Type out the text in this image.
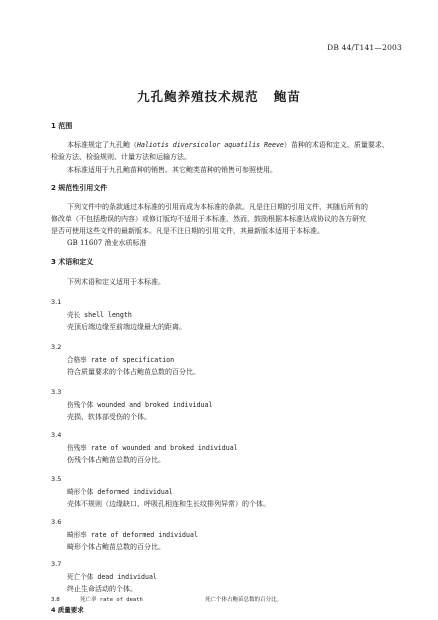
DB 44/T141—2003
九孔鲍养殖技术规范 鲍苗
1 范围
本标准规定了九孔鲍（Haliotis diversicolor aquatilis Reeve）苗种的术语和定义、质量要求、
检验方法、检验规则、计量方法和运输方法。
本标准适用于九孔鲍苗种的销售。其它鲍类苗种的销售可参照使用。
2 规范性引用文件
下列文件中的条款通过本标准的引用而成为本标准的条款。凡是注日期的引用文件，其随后所有的
修改单（不包括勘误的内容）或修订版均不适用于本标准，然而，鼓励根据本标准达成协议的各方研究
是否可使用这些文件的最新版本。凡是不注日期的引用文件，其最新版本适用于本标准。
GB 11607 渔业水质标准
3 术语和定义
下列术语和定义适用于本标准。
3.1
壳长 shell length
壳顶后端边缘至前端边缘最大的距离。
3.2
合格率 rate of specification
符合质量要求的个体占鲍苗总数的百分比。
3.3
伤残个体 wounded and broked individual
壳损、软体部受伤的个体。
3.4
伤残率 rate of wounded and broked individual
伤残个体占鲍苗总数的百分比。
3.5
畸形个体 deformed individual
壳体不规则（边缘缺口、呼吸孔相连和生长纹排列异常）的个体。
3.6
畸形率 rate of deformed individual
畸形个体占鲍苗总数的百分比。
3.7
死亡个体 dead individual
终止生命活动的个体。
3.8	死亡率 rate of death	死亡个体占鲍苗总数的百分比。
4 质量要求
